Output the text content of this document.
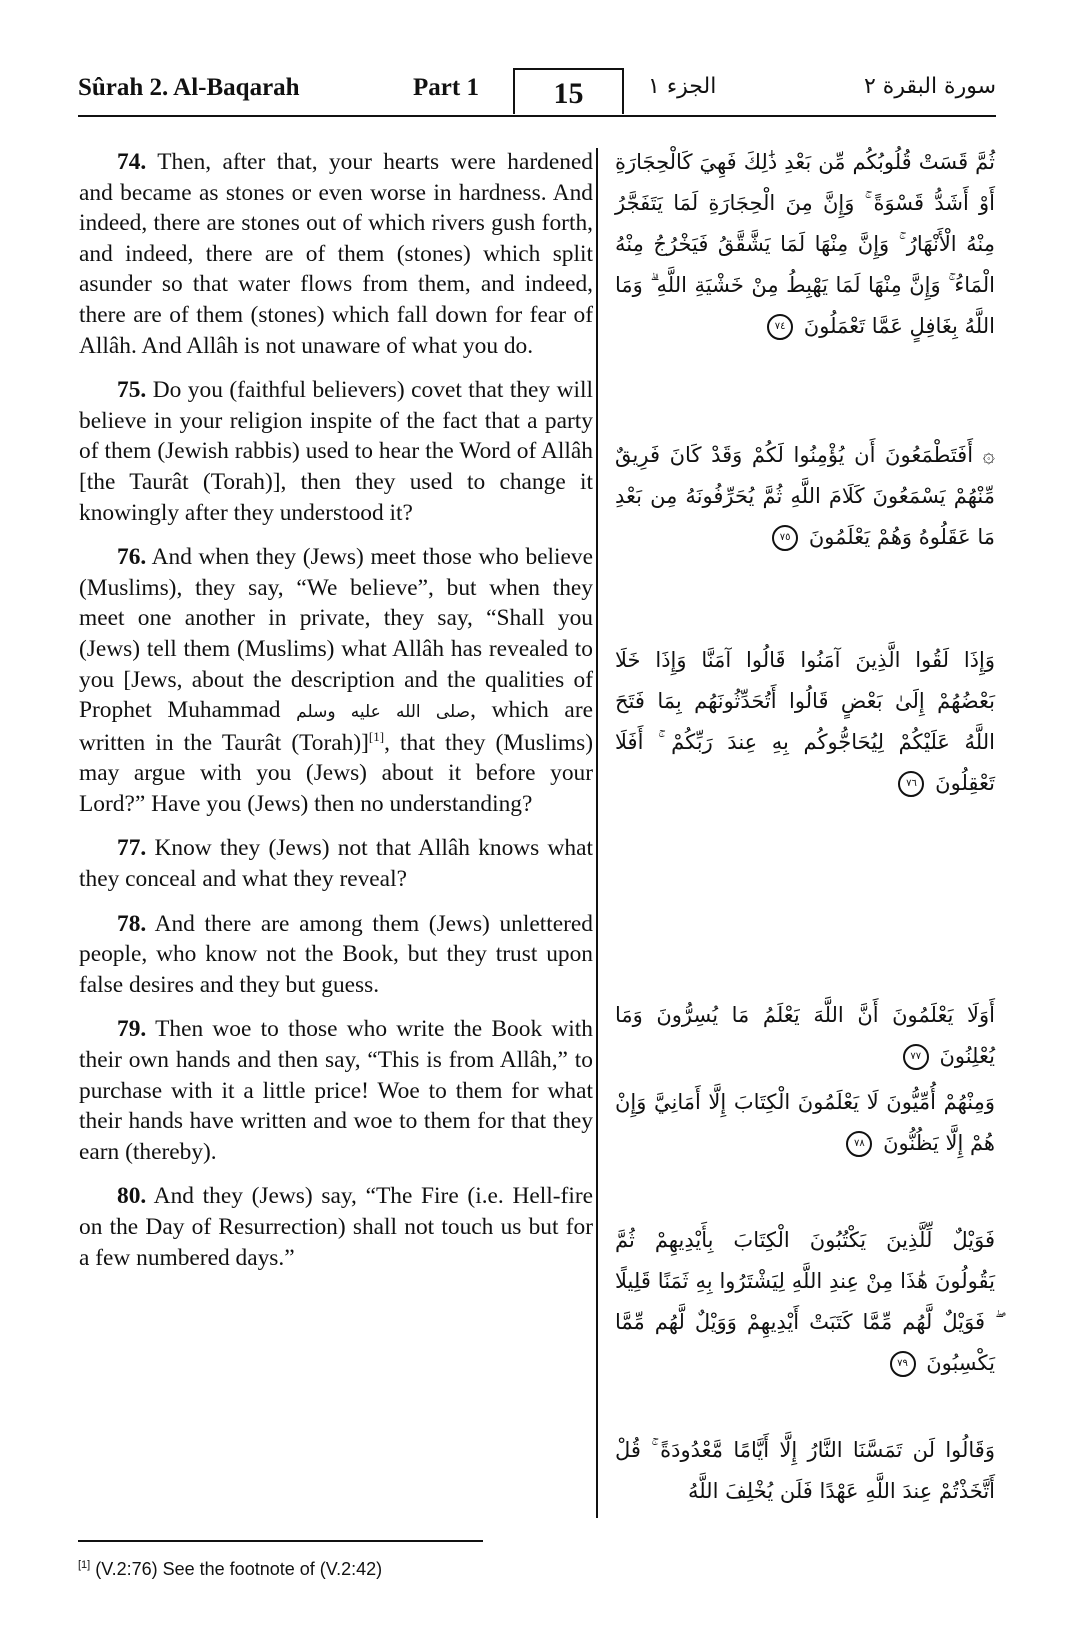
Sûrah 2. Al-Baqarah	Part 1	15	الجزء ١	سورة البقرة ٢

74. Then, after that, your hearts were hardened and became as stones or even worse in hardness. And indeed, there are stones out of which rivers gush forth, and indeed, there are of them (stones) which split asunder so that water flows from them, and indeed, there are of them (stones) which fall down for fear of Allâh. And Allâh is not unaware of what you do.

75. Do you (faithful believers) covet that they will believe in your religion inspite of the fact that a party of them (Jewish rabbis) used to hear the Word of Allâh [the Taurât (Torah)], then they used to change it knowingly after they understood it?

76. And when they (Jews) meet those who believe (Muslims), they say, “We believe”, but when they meet one another in private, they say, “Shall you (Jews) tell them (Muslims) what Allâh has revealed to you [Jews, about the description and the qualities of Prophet Muhammad صلى الله عليه وسلم, which are written in the Taurât (Torah)][1], that they (Muslims) may argue with you (Jews) about it before your Lord?” Have you (Jews) then no understanding?

77. Know they (Jews) not that Allâh knows what they conceal and what they reveal?

78. And there are among them (Jews) unlettered people, who know not the Book, but they trust upon false desires and they but guess.

79. Then woe to those who write the Book with their own hands and then say, “This is from Allâh,” to purchase with it a little price! Woe to them for what their hands have written and woe to them for that they earn (thereby).

80. And they (Jews) say, “The Fire (i.e. Hell-fire on the Day of Resurrection) shall not touch us but for a few numbered days.”

ثُمَّ قَسَتْ قُلُوبُكُم مِّن بَعْدِ ذَٰلِكَ فَهِيَ كَالْحِجَارَةِ أَوْ أَشَدُّ قَسْوَةً ۚ وَإِنَّ مِنَ الْحِجَارَةِ لَمَا يَتَفَجَّرُ مِنْهُ الْأَنْهَارُ ۚ وَإِنَّ مِنْهَا لَمَا يَشَّقَّقُ فَيَخْرُجُ مِنْهُ الْمَاءُ ۚ وَإِنَّ مِنْهَا لَمَا يَهْبِطُ مِنْ خَشْيَةِ اللَّهِ ۗ وَمَا اللَّهُ بِغَافِلٍ عَمَّا تَعْمَلُونَ ٧٤
۞ أَفَتَطْمَعُونَ أَن يُؤْمِنُوا لَكُمْ وَقَدْ كَانَ فَرِيقٌ مِّنْهُمْ يَسْمَعُونَ كَلَامَ اللَّهِ ثُمَّ يُحَرِّفُونَهُ مِن بَعْدِ مَا عَقَلُوهُ وَهُمْ يَعْلَمُونَ ٧٥
وَإِذَا لَقُوا الَّذِينَ آمَنُوا قَالُوا آمَنَّا وَإِذَا خَلَا بَعْضُهُمْ إِلَىٰ بَعْضٍ قَالُوا أَتُحَدِّثُونَهُم بِمَا فَتَحَ اللَّهُ عَلَيْكُمْ لِيُحَاجُّوكُم بِهِ عِندَ رَبِّكُمْ ۚ أَفَلَا تَعْقِلُونَ ٧٦
أَوَلَا يَعْلَمُونَ أَنَّ اللَّهَ يَعْلَمُ مَا يُسِرُّونَ وَمَا يُعْلِنُونَ ٧٧
وَمِنْهُمْ أُمِّيُّونَ لَا يَعْلَمُونَ الْكِتَابَ إِلَّا أَمَانِيَّ وَإِنْ هُمْ إِلَّا يَظُنُّونَ ٧٨
فَوَيْلٌ لِّلَّذِينَ يَكْتُبُونَ الْكِتَابَ بِأَيْدِيهِمْ ثُمَّ يَقُولُونَ هَٰذَا مِنْ عِندِ اللَّهِ لِيَشْتَرُوا بِهِ ثَمَنًا قَلِيلًا ۖ فَوَيْلٌ لَّهُم مِّمَّا كَتَبَتْ أَيْدِيهِمْ وَوَيْلٌ لَّهُم مِّمَّا يَكْسِبُونَ ٧٩
وَقَالُوا لَن تَمَسَّنَا النَّارُ إِلَّا أَيَّامًا مَّعْدُودَةً ۚ قُلْ أَتَّخَذْتُمْ عِندَ اللَّهِ عَهْدًا فَلَن يُخْلِفَ اللَّهُ
[1] (V.2:76) See the footnote of (V.2:42)
